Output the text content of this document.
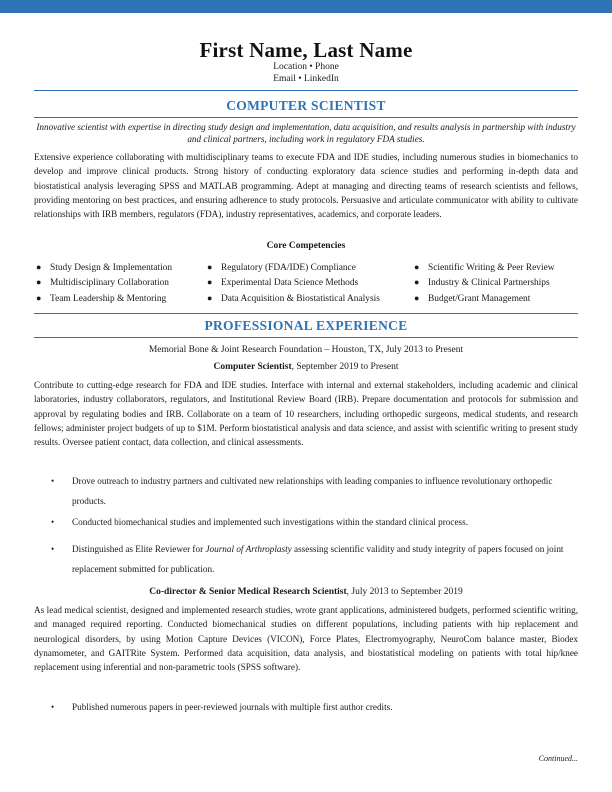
First Name, Last Name
Location • Phone
Email • LinkedIn
COMPUTER SCIENTIST
Innovative scientist with expertise in directing study design and implementation, data acquisition, and results analysis in partnership with industry and clinical partners, including work in regulatory FDA studies.
Extensive experience collaborating with multidisciplinary teams to execute FDA and IDE studies, including numerous studies in biomechanics to develop and improve clinical products. Strong history of conducting exploratory data science studies and performing in-depth data and biostatistical analysis leveraging SPSS and MATLAB programming. Adept at managing and directing teams of research scientists and fellows, providing mentoring on best practices, and ensuring adherence to study protocols. Persuasive and articulate communicator with ability to cultivate relationships with IRB members, regulators (FDA), industry representatives, academics, and corporate leaders.
Core Competencies
● Study Design & Implementation
● Multidisciplinary Collaboration
● Team Leadership & Mentoring
● Regulatory (FDA/IDE) Compliance
● Experimental Data Science Methods
● Data Acquisition & Biostatistical Analysis
● Scientific Writing & Peer Review
● Industry & Clinical Partnerships
● Budget/Grant Management
PROFESSIONAL EXPERIENCE
Memorial Bone & Joint Research Foundation – Houston, TX, July 2013 to Present
Computer Scientist, September 2019 to Present
Contribute to cutting-edge research for FDA and IDE studies. Interface with internal and external stakeholders, including academic and clinical laboratories, industry collaborators, regulators, and Institutional Review Board (IRB). Prepare documentation and protocols for submission and approval by regulating bodies and IRB. Collaborate on a team of 10 researchers, including orthopedic surgeons, medical students, and research fellows; administer project budgets of up to $1M. Perform biostatistical analysis and data science, and assist with scientific writing to present study results. Oversee patient contact, data collection, and clinical assessments.
• Drove outreach to industry partners and cultivated new relationships with leading companies to influence revolutionary orthopedic products.
• Conducted biomechanical studies and implemented such investigations within the standard clinical process.
• Distinguished as Elite Reviewer for Journal of Arthroplasty assessing scientific validity and study integrity of papers focused on joint replacement submitted for publication.
Co-director & Senior Medical Research Scientist, July 2013 to September 2019
As lead medical scientist, designed and implemented research studies, wrote grant applications, administered budgets, performed scientific writing, and managed required reporting. Conducted biomechanical studies on different populations, including patients with hip replacement and neurological disorders, by using Motion Capture Devices (VICON), Force Plates, Electromyography, NeuroCom balance master, Biodex dynamometer, and GAITRite System. Performed data acquisition, data analysis, and biostatistical modeling on patients with total hip/knee replacement using inferential and non-parametric tools (SPSS software).
• Published numerous papers in peer-reviewed journals with multiple first author credits.
Continued...
